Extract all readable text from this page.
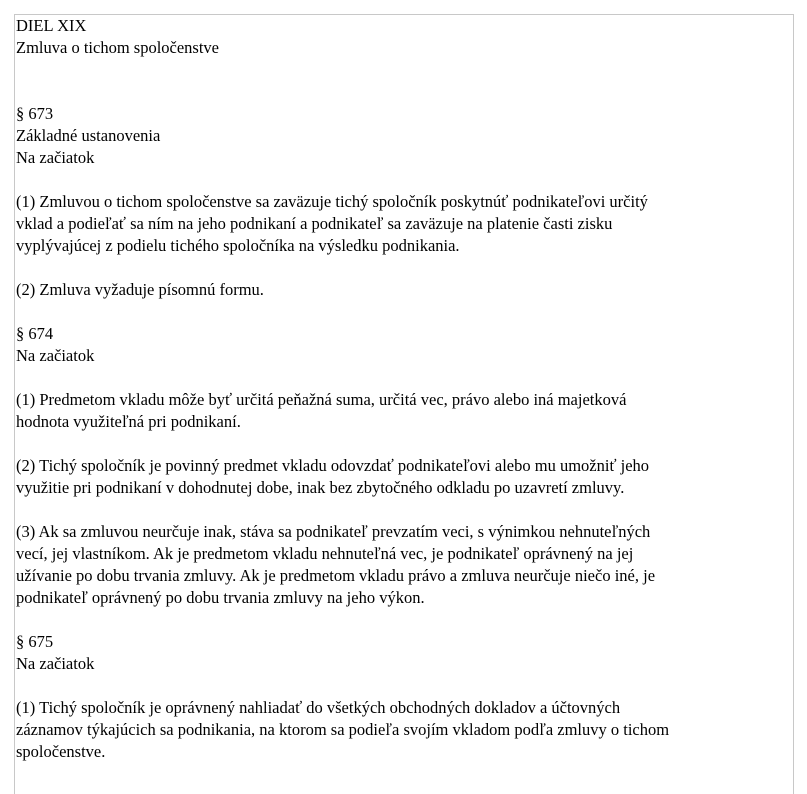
DIEL XIX
Zmluva o tichom spoločenstve
§ 673
Základné ustanovenia
Na začiatok
(1) Zmluvou o tichom spoločenstve sa zaväzuje tichý spoločník poskytnúť podnikateľovi určitý
vklad a podieľať sa ním na jeho podnikaní a podnikateľ sa zaväzuje na platenie časti zisku
vyplývajúcej z podielu tichého spoločníka na výsledku podnikania.
(2) Zmluva vyžaduje písomnú formu.
§ 674
Na začiatok
(1) Predmetom vkladu môže byť určitá peňažná suma, určitá vec, právo alebo iná majetková
hodnota využiteľná pri podnikaní.
(2) Tichý spoločník je povinný predmet vkladu odovzdať podnikateľovi alebo mu umožniť jeho
využitie pri podnikaní v dohodnutej dobe, inak bez zbytočného odkladu po uzavretí zmluvy.
(3) Ak sa zmluvou neurčuje inak, stáva sa podnikateľ prevzatím veci, s výnimkou nehnuteľných
vecí, jej vlastníkom. Ak je predmetom vkladu nehnuteľná vec, je podnikateľ oprávnený na jej
užívanie po dobu trvania zmluvy. Ak je predmetom vkladu právo a zmluva neurčuje niečo iné, je
podnikateľ oprávnený po dobu trvania zmluvy na jeho výkon.
§ 675
Na začiatok
(1) Tichý spoločník je oprávnený nahliadať do všetkých obchodných dokladov a účtovných
záznamov týkajúcich sa podnikania, na ktorom sa podieľa svojím vkladom podľa zmluvy o tichom
spoločenstve.
